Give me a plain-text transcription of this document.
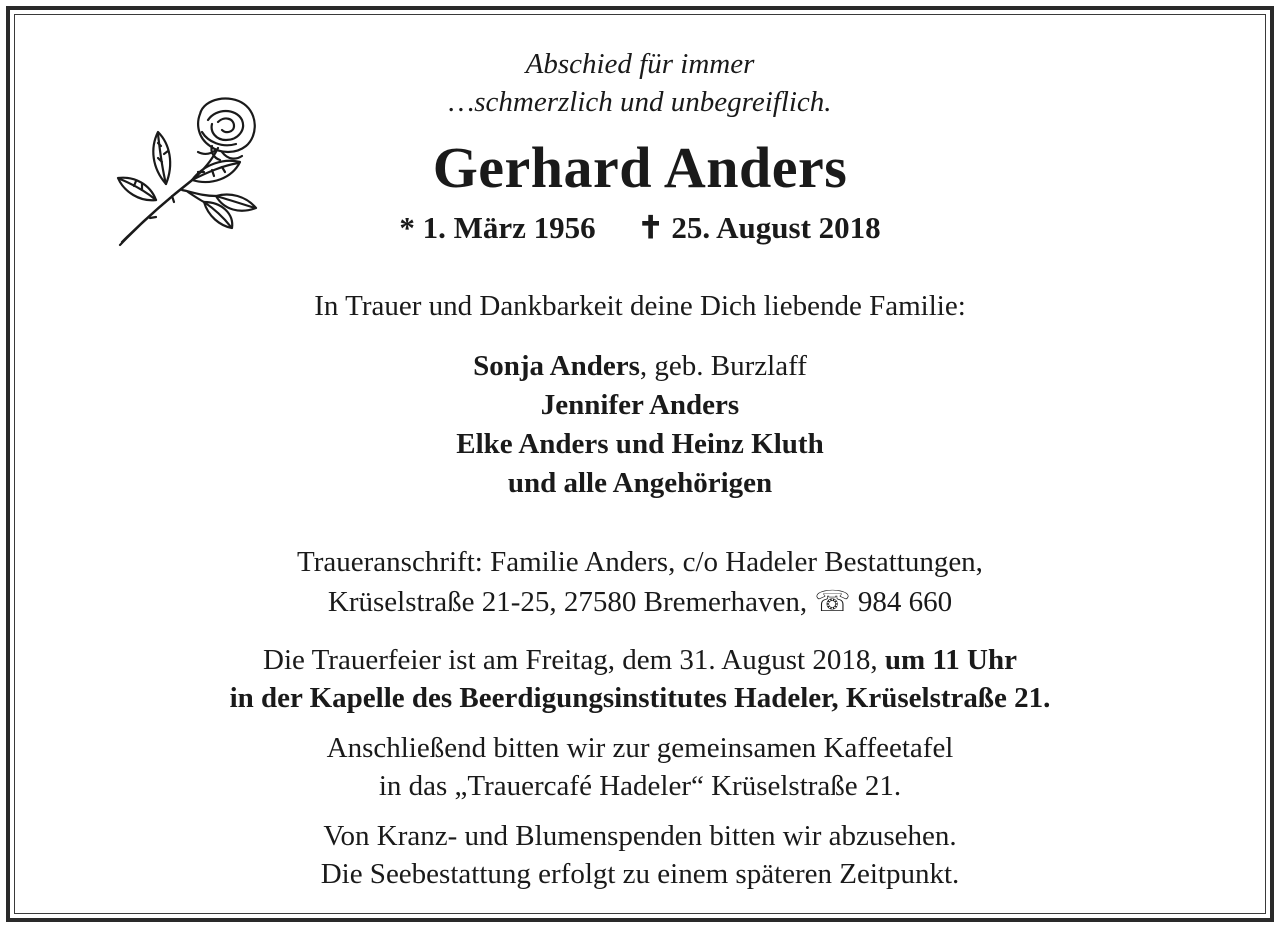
Abschied für immer
…schmerzlich und unbegreiflich.
Gerhard Anders
* 1. März 1956 ✝ 25. August 2018
In Trauer und Dankbarkeit deine Dich liebende Familie:
Sonja Anders, geb. Burzlaff
Jennifer Anders
Elke Anders und Heinz Kluth
und alle Angehörigen
Traueranschrift: Familie Anders, c/o Hadeler Bestattungen,
Krüselstraße 21-25, 27580 Bremerhaven, ☏ 984 660
Die Trauerfeier ist am Freitag, dem 31. August 2018, um 11 Uhr
in der Kapelle des Beerdigungsinstitutes Hadeler, Krüselstraße 21.
Anschließend bitten wir zur gemeinsamen Kaffeetafel
in das „Trauercafé Hadeler“ Krüselstraße 21.
Von Kranz- und Blumenspenden bitten wir abzusehen.
Die Seebestattung erfolgt zu einem späteren Zeitpunkt.
